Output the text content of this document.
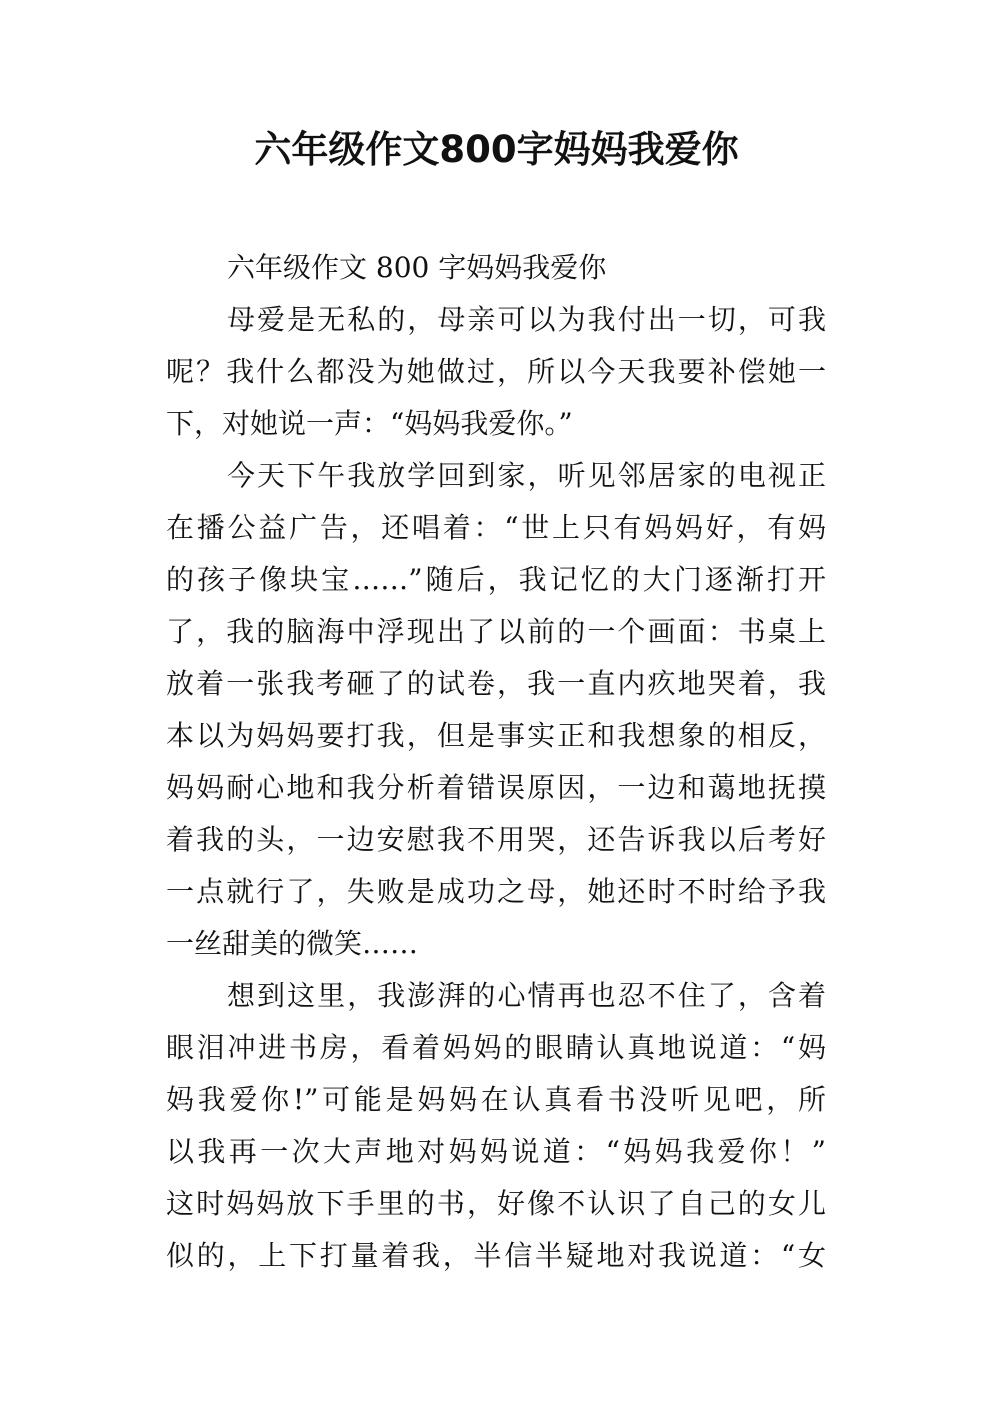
六年级作文800字妈妈我爱你
六年级作文 800 字妈妈我爱你
母爱是无私的，母亲可以为我付出一切，可我
呢？我什么都没为她做过，所以今天我要补偿她一
下，对她说一声：“妈妈我爱你。”
今天下午我放学回到家，听见邻居家的电视正
在播公益广告，还唱着：“世上只有妈妈好，有妈
的孩子像块宝……”随后，我记忆的大门逐渐打开
了，我的脑海中浮现出了以前的一个画面：书桌上
放着一张我考砸了的试卷，我一直内疚地哭着，我
本以为妈妈要打我，但是事实正和我想象的相反，
妈妈耐心地和我分析着错误原因，一边和蔼地抚摸
着我的头，一边安慰我不用哭，还告诉我以后考好
一点就行了，失败是成功之母，她还时不时给予我
一丝甜美的微笑……
想到这里，我澎湃的心情再也忍不住了，含着
眼泪冲进书房，看着妈妈的眼睛认真地说道：“妈
妈我爱你!”可能是妈妈在认真看书没听见吧，所
以我再一次大声地对妈妈说道：“妈妈我爱你！”
这时妈妈放下手里的书，好像不认识了自己的女儿
似的，上下打量着我，半信半疑地对我说道：“女
